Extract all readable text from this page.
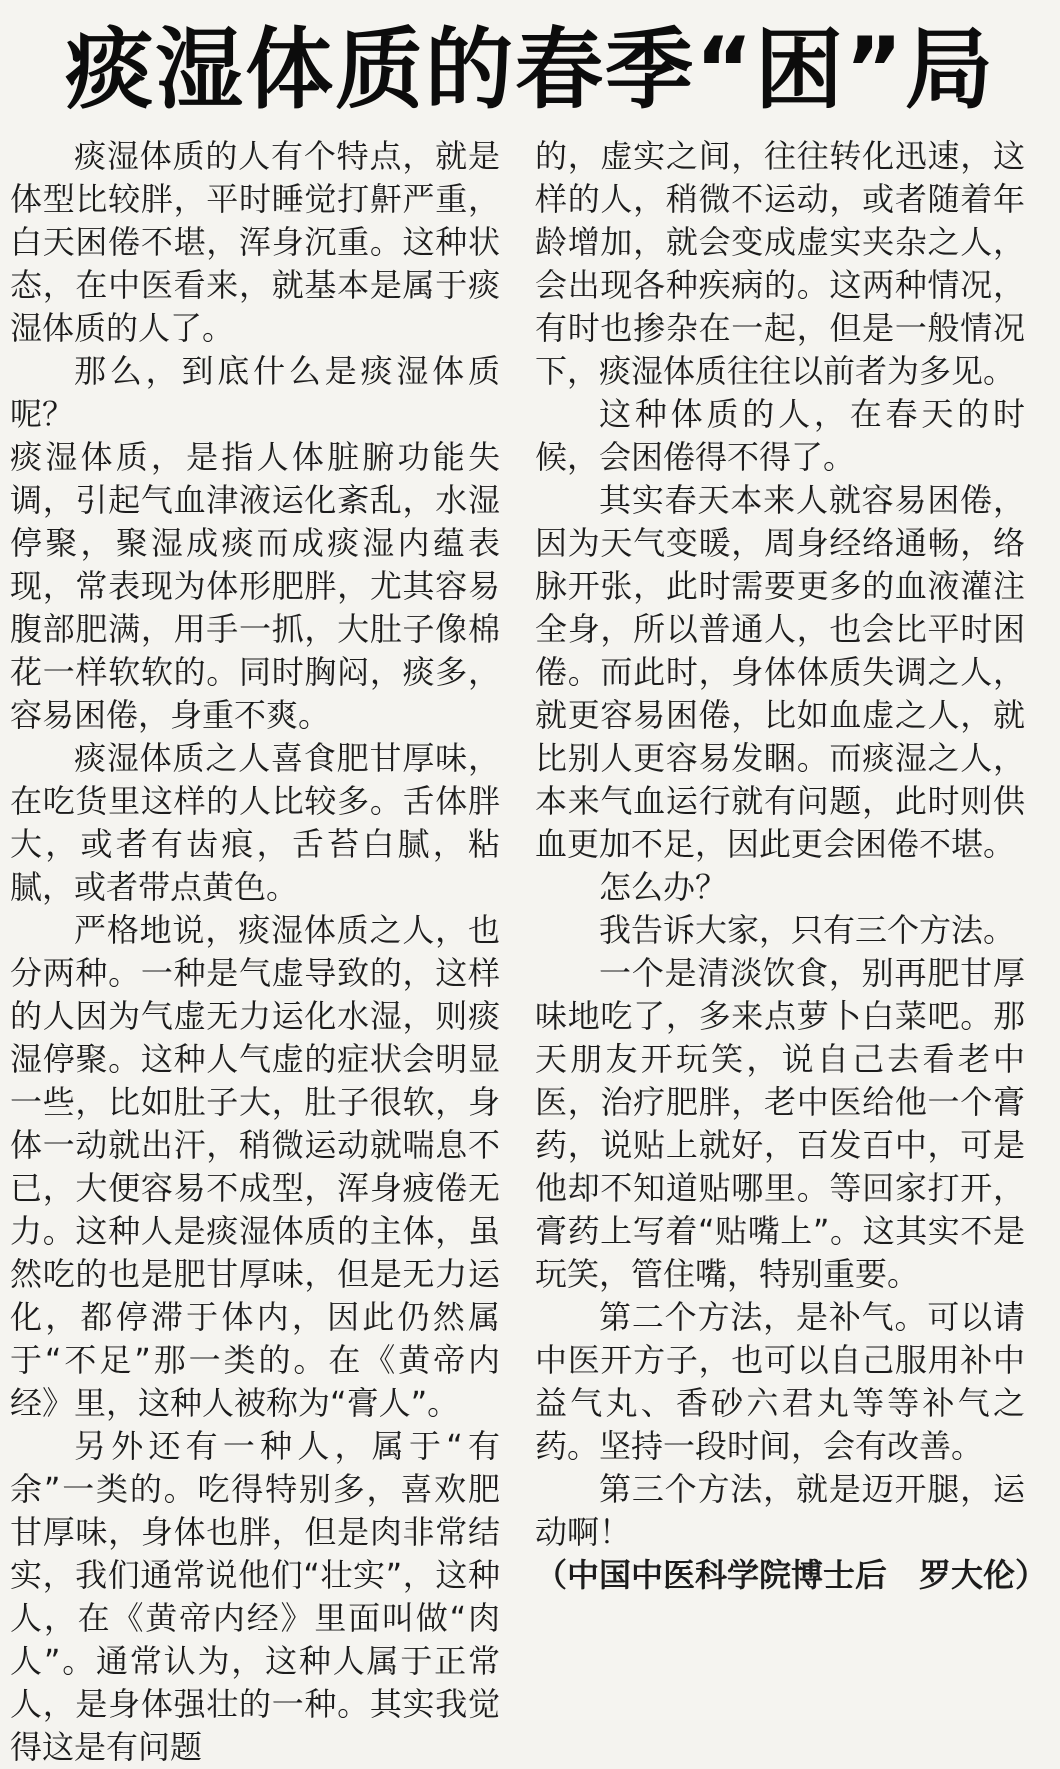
痰湿体质的春季“困”局

痰湿体质的人有个特点，就是体型比较胖，平时睡觉打鼾严重，白天困倦不堪，浑身沉重。这种状态，在中医看来，就基本是属于痰湿体质的人了。

那么，到底什么是痰湿体质呢？

痰湿体质，是指人体脏腑功能失调，引起气血津液运化紊乱，水湿停聚，聚湿成痰而成痰湿内蕴表现，常表现为体形肥胖，尤其容易腹部肥满，用手一抓，大肚子像棉花一样软软的。同时胸闷，痰多，容易困倦，身重不爽。

痰湿体质之人喜食肥甘厚味，在吃货里这样的人比较多。舌体胖大，或者有齿痕，舌苔白腻，粘腻，或者带点黄色。

严格地说，痰湿体质之人，也分两种。一种是气虚导致的，这样的人因为气虚无力运化水湿，则痰湿停聚。这种人气虚的症状会明显一些，比如肚子大，肚子很软，身体一动就出汗，稍微运动就喘息不已，大便容易不成型，浑身疲倦无力。这种人是痰湿体质的主体，虽然吃的也是肥甘厚味，但是无力运化，都停滞于体内，因此仍然属于“不足”那一类的。在《黄帝内经》里，这种人被称为“膏人”。

另外还有一种人，属于“有余”一类的。吃得特别多，喜欢肥甘厚味，身体也胖，但是肉非常结实，我们通常说他们“壮实”，这种人，在《黄帝内经》里面叫做“肉人”。通常认为，这种人属于正常人，是身体强壮的一种。其实我觉得这是有问题

的，虚实之间，往往转化迅速，这样的人，稍微不运动，或者随着年龄增加，就会变成虚实夹杂之人，会出现各种疾病的。这两种情况，有时也掺杂在一起，但是一般情况下，痰湿体质往往以前者为多见。

这种体质的人，在春天的时候，会困倦得不得了。

其实春天本来人就容易困倦，因为天气变暖，周身经络通畅，络脉开张，此时需要更多的血液灌注全身，所以普通人，也会比平时困倦。而此时，身体体质失调之人，就更容易困倦，比如血虚之人，就比别人更容易发睏。而痰湿之人，本来气血运行就有问题，此时则供血更加不足，因此更会困倦不堪。

怎么办？

我告诉大家，只有三个方法。

一个是清淡饮食，别再肥甘厚味地吃了，多来点萝卜白菜吧。那天朋友开玩笑，说自己去看老中医，治疗肥胖，老中医给他一个膏药，说贴上就好，百发百中，可是他却不知道贴哪里。等回家打开，膏药上写着“贴嘴上”。这其实不是玩笑，管住嘴，特别重要。

第二个方法，是补气。可以请中医开方子，也可以自己服用补中益气丸、香砂六君丸等等补气之药。坚持一段时间，会有改善。

第三个方法，就是迈开腿，运动啊！

（中国中医科学院博士后　罗大伦）
